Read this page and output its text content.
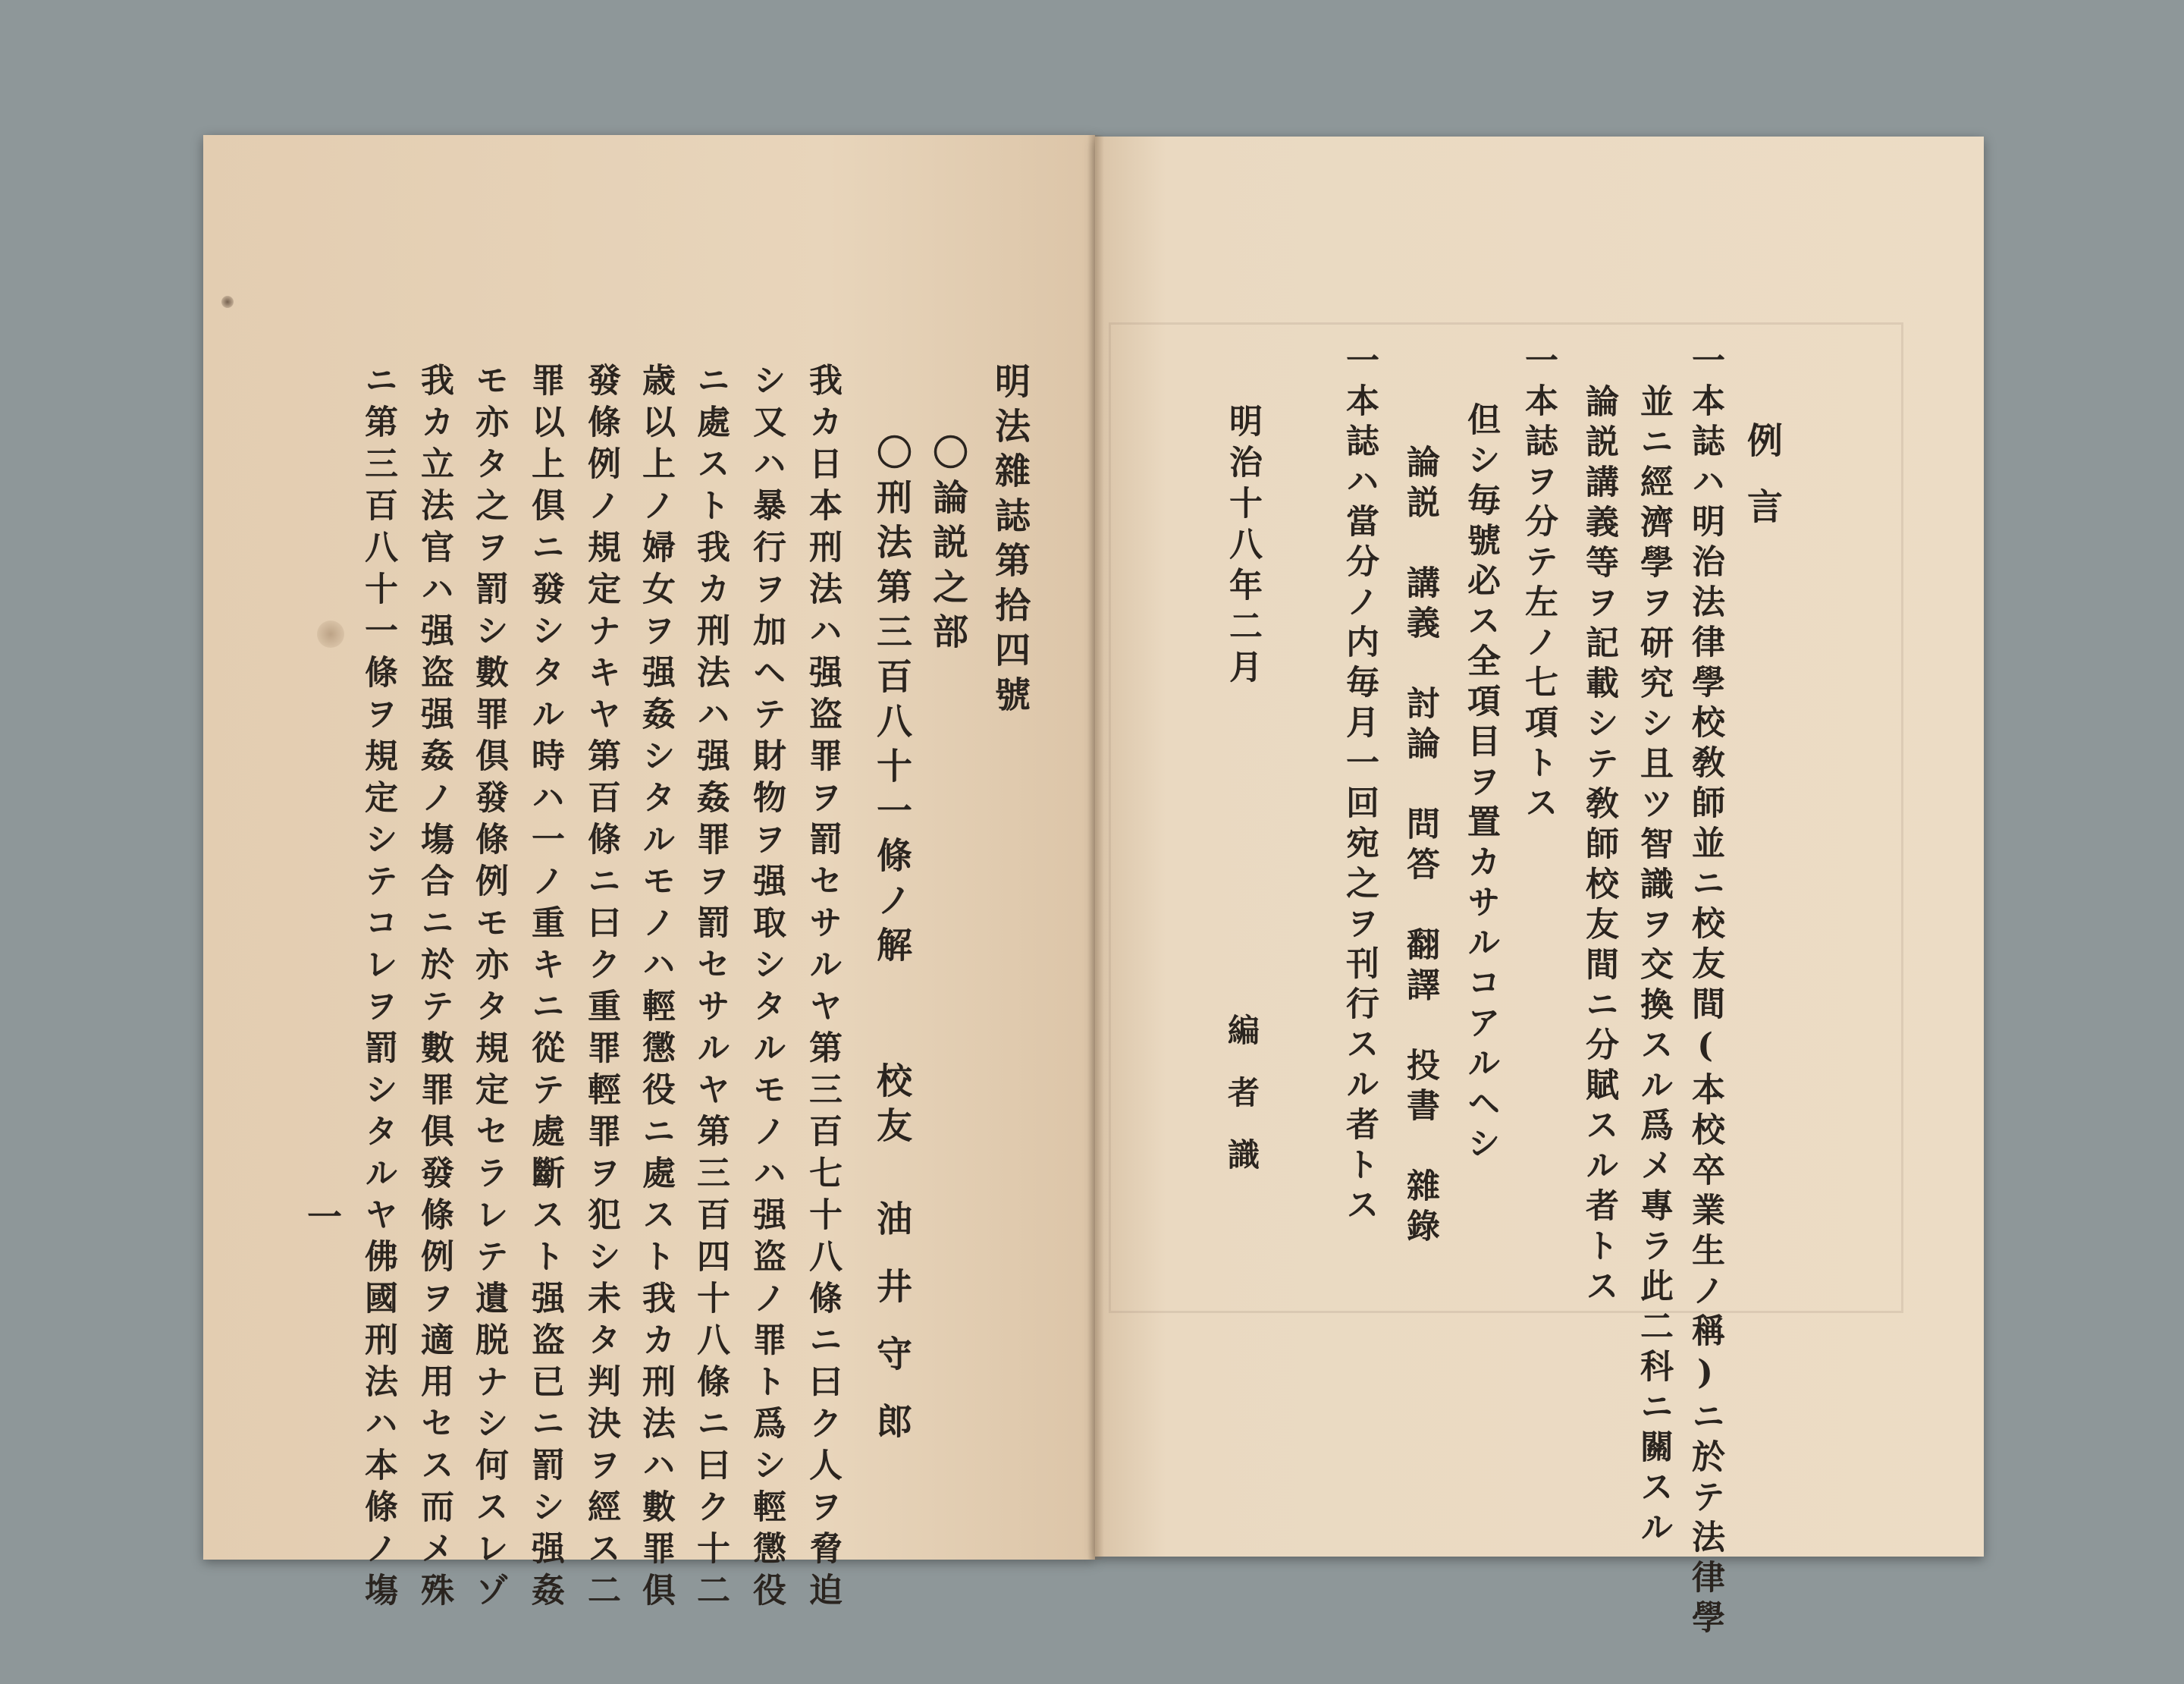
明法雜誌第拾四號
〇論説之部
〇刑法第三百八十一條ノ解
校友
油井守郎
我カ日本刑法ハ强盗罪ヲ罰セサルヤ第三百七十八條ニ曰ク人ヲ脅迫
シ又ハ暴行ヲ加ヘテ財物ヲ强取シタルモノハ强盗ノ罪ト爲シ輕懲役
ニ處スト我カ刑法ハ强姦罪ヲ罰セサルヤ第三百四十八條ニ曰ク十二
歳以上ノ婦女ヲ强姦シタルモノハ輕懲役ニ處スト我カ刑法ハ數罪俱
發條例ノ規定ナキヤ第百條ニ曰ク重罪輕罪ヲ犯シ未タ判決ヲ經ス二
罪以上倶ニ發シタル時ハ一ノ重キニ從テ處斷スト强盗已ニ罰シ强姦
モ亦タ之ヲ罰シ數罪倶發條例モ亦タ規定セラレテ遺脱ナシ何スレゾ
我カ立法官ハ强盗强姦ノ塲合ニ於テ數罪俱發條例ヲ適用セス而メ殊
ニ第三百八十一條ヲ規定シテコレヲ罰シタルヤ佛國刑法ハ本條ノ塲
一
例言
一本誌ハ明治法律學校敎師並ニ校友間(本校卒業生ノ稱)ニ於テ法律學
並ニ經濟學ヲ研究シ且ツ智識ヲ交換スル爲メ專ラ此二科ニ關スル
論説講義等ヲ記載シテ敎師校友間ニ分賦スル者トス
一本誌ヲ分テ左ノ七項トス
但シ毎號必ス全項目ヲ置カサルコアルヘシ
論説　講義　討論　問答　翻譯　投書　雜錄
一本誌ハ當分ノ内毎月一回宛之ヲ刊行スル者トス
明治十八年二月
編者識
